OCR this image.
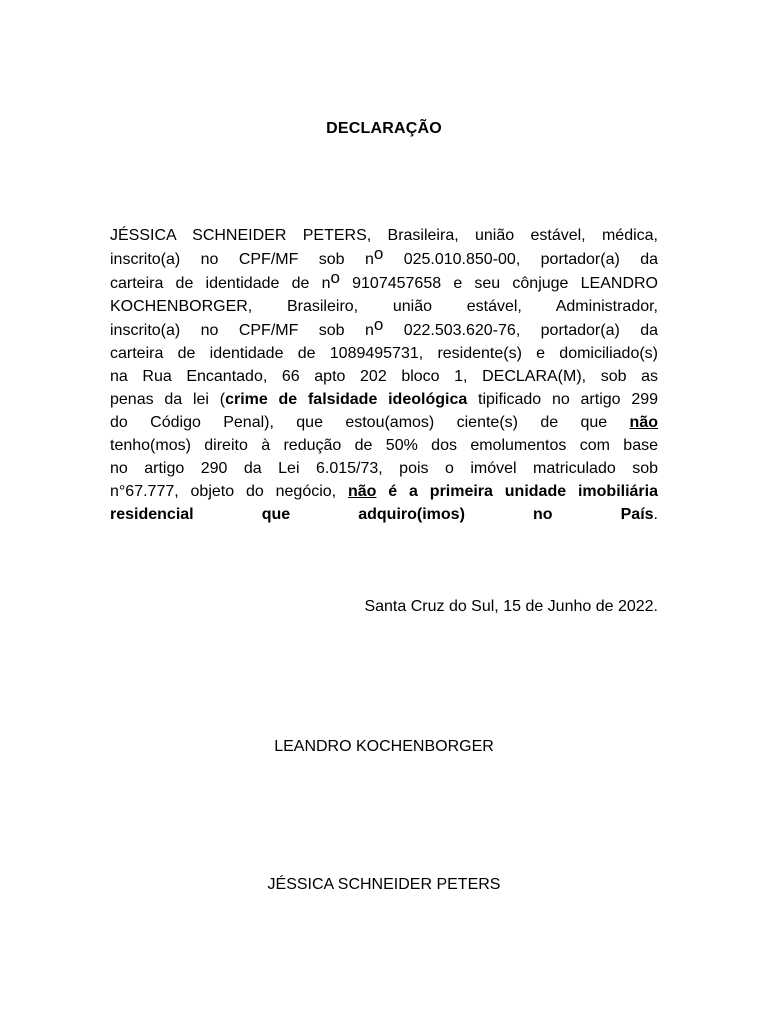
DECLARAÇÃO
JÉSSICA SCHNEIDER PETERS, Brasileira, união estável, médica,
inscrito(a) no CPF/MF sob no 025.010.850-00, portador(a) da
carteira de identidade de no 9107457658 e seu cônjuge LEANDRO
KOCHENBORGER, Brasileiro, união estável, Administrador,
inscrito(a) no CPF/MF sob no 022.503.620-76, portador(a) da
carteira de identidade de 1089495731, residente(s) e domiciliado(s)
na Rua Encantado, 66 apto 202 bloco 1, DECLARA(M), sob as
penas da lei (crime de falsidade ideológica tipificado no artigo 299
do Código Penal), que estou(amos) ciente(s) de que não
tenho(mos) direito à redução de 50% dos emolumentos com base
no artigo 290 da Lei 6.015/73, pois o imóvel matriculado sob
n°67.777, objeto do negócio, não é a primeira unidade imobiliária
residencial que adquiro(imos) no País.
Santa Cruz do Sul, 15 de Junho de 2022.
LEANDRO KOCHENBORGER
JÉSSICA SCHNEIDER PETERS
